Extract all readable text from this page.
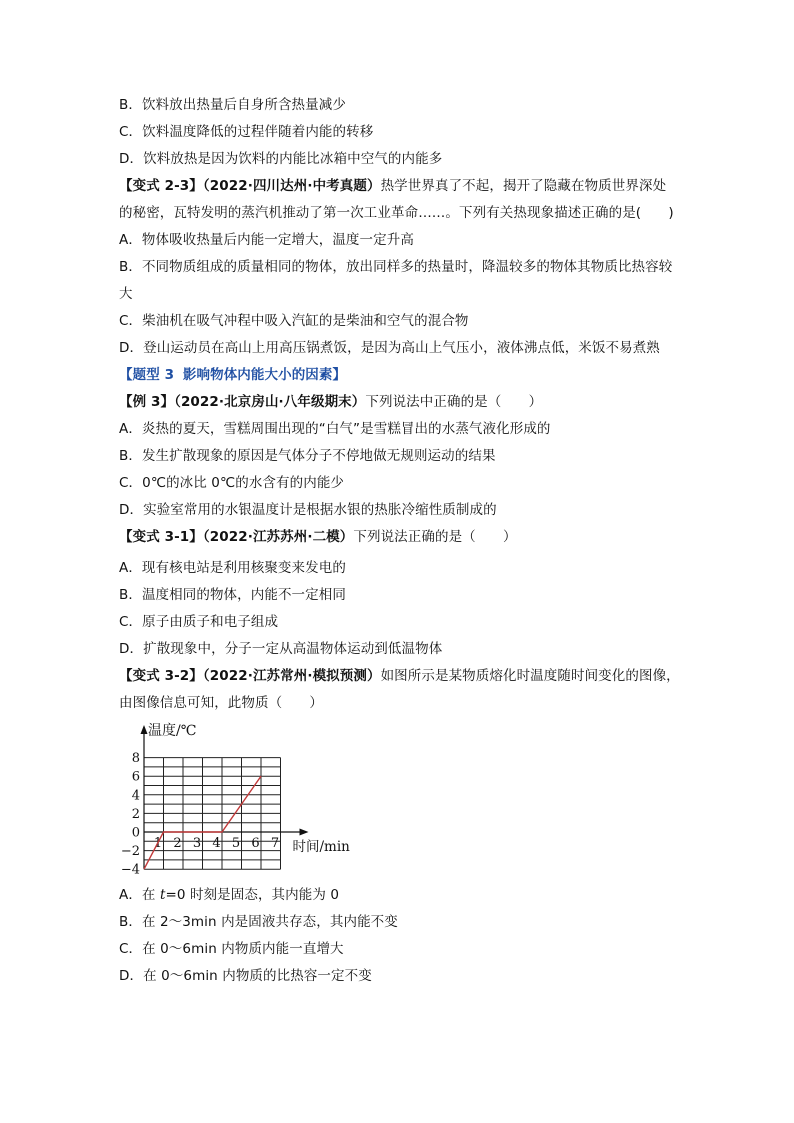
B．饮料放出热量后自身所含热量减少
C．饮料温度降低的过程伴随着内能的转移
D．饮料放热是因为饮料的内能比冰箱中空气的内能多
【变式 2-3】（2022·四川达州·中考真题）热学世界真了不起，揭开了隐藏在物质世界深处的秘密，瓦特发明的蒸汽机推动了第一次工业革命……。下列有关热现象描述正确的是(　　)
A．物体吸收热量后内能一定增大，温度一定升高
B．不同物质组成的质量相同的物体，放出同样多的热量时，降温较多的物体其物质比热容较大
C．柴油机在吸气冲程中吸入汽缸的是柴油和空气的混合物
D．登山运动员在高山上用高压锅煮饭，是因为高山上气压小，液体沸点低，米饭不易煮熟
【题型 3 影响物体内能大小的因素】
【例 3】（2022·北京房山·八年级期末）下列说法中正确的是（　　）
A．炎热的夏天，雪糕周围出现的“白气”是雪糕冒出的水蒸气液化形成的
B．发生扩散现象的原因是气体分子不停地做无规则运动的结果
C．0℃的冰比 0℃的水含有的内能少
D．实验室常用的水银温度计是根据水银的热胀冷缩性质制成的
【变式 3-1】（2022·江苏苏州·二模）下列说法正确的是（　　）
A．现有核电站是利用核聚变来发电的
B．温度相同的物体，内能不一定相同
C．原子由质子和电子组成
D．扩散现象中，分子一定从高温物体运动到低温物体
【变式 3-2】（2022·江苏常州·模拟预测）如图所示是某物质熔化时温度随时间变化的图像，
由图像信息可知，此物质（　　）
8
6
4
2
0
−2
−4
1 2 3 4 5 6 7
温度/℃
时间/min
A．在 t=0 时刻是固态，其内能为 0
B．在 2～3min 内是固液共存态，其内能不变
C．在 0～6min 内物质内能一直增大
D．在 0～6min 内物质的比热容一定不变
